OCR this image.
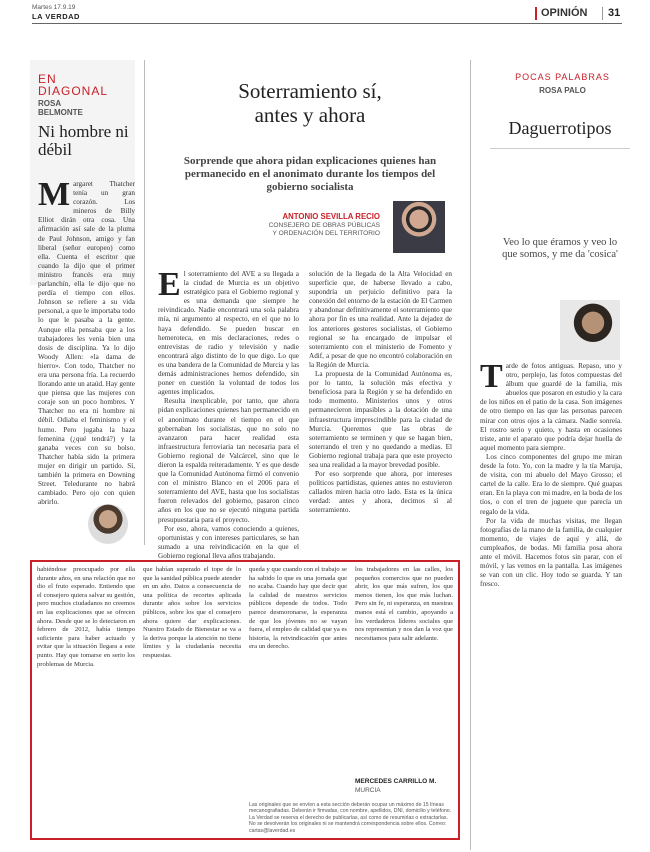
Martes 17.9.19
LA VERDAD	OPINIÓN 31
EN
DIAGONAL
ROSA BELMONTE
Ni hombre ni débil
Margaret Thatcher tenía un gran corazón. Los mineros de Billy Elliot dirán otra cosa. Una afirmación así sale de la pluma de Paul Johnson, amigo y fan liberal (señor europeo) como ella. Cuenta el escritor que cuando la dijo que el primer ministro francés era muy parlanchín, ella le dijo que no perdía el tiempo con ellos. Johnson se refiere a su vida personal, a que le importaba todo lo que le pasaba a la gente. Aunque ella pensaba que a los trabajadores les venía bien una dosis de disciplina. Ya lo dijo Woody Allen: «la dama de hierro». Con todo, Thatcher no era una persona fría. La recuerdo llorando ante un ataúd. Hay gente que piensa que las mujeres con coraje son un poco hombres. Y Thatcher no era ni hombre ni débil. Odiaba el feminismo y el humo. Pero jugaba la baza femenina (¿qué tendrá?) y la ganaba veces con su bolso. Thatcher había sido la primera mujer en dirigir un partido. Sí, también la primera en Downing Street. Teledurante no habrá cambiado. Pero ojo con quien abrirlo.
Soterramiento sí,
antes y ahora
Sorprende que ahora pidan explicaciones quienes han permanecido en el anonimato durante los tiempos del gobierno socialista
ANTONIO SEVILLA RECIO
CONSEJERO DE OBRAS PÚBLICAS
Y ORDENACIÓN DEL TERRITORIO
El soterramiento del AVE a su llegada a la ciudad de Murcia es un objetivo estratégico para el Gobierno regional y es una demanda que siempre he reivindicado. Nadie encontrará una sola palabra mía, ni argumento al respecto, en el que no lo haya defendido. Se pueden buscar en hemeroteca, en mis declaraciones, redes o entrevistas de radio y televisión y nadie encontrará algo distinto de lo que digo. Lo que es una bandera de la Comunidad de Murcia y las demás administraciones hemos defendido, sin poner en cuestión la voluntad de todos los agentes implicados.

Resulta inexplicable, por tanto, que ahora pidan explicaciones quienes han permanecido en el anonimato durante el tiempo en el que gobernaban los socialistas, que no solo no avanzaron para hacer realidad esta infraestructura ferroviaria tan necesaria para el Gobierno regional de Valcárcel, sino que le dieron la espalda reiteradamente. Y es que desde que la Comunidad Autónoma firmó el convenio con el ministro Blanco en el 2006 para el soterramiento del AVE, hasta que los socialistas fueron relevados del gobierno, pasaron cinco años en los que no se ejecutó ninguna partida presupuestaria para el proyecto.

Por eso, ahora, vamos conociendo a quienes, oportunistas y con intereses particulares, se han sumado a una reivindicación en la que el Gobierno regional lleva años trabajando.

solución de la llegada de la Alta Velocidad en superficie que, de haberse llevado a cabo, supondría un perjuicio definitivo para la conexión del entorno de la estación de El Carmen y abandonar definitivamente el soterramiento que ahora por fin es una realidad. Ante la dejadez de los anteriores gestores socialistas, el Gobierno regional se ha encargado de impulsar el soterramiento con el ministerio de Fomento y Adif, a pesar de que no encontró colaboración en la Región de Murcia.

La propuesta de la Comunidad Autónoma es, por lo tanto, la solución más efectiva y beneficiosa para la Región y se ha defendido en todo momento. Ministerios unos y otros permanecieron impasibles a la dotación de una infraestructura imprescindible para la ciudad de Murcia. Queremos que las obras de soterramiento se terminen y que se hagan bien, soterrando el tren y no quedando a medias. El Gobierno regional trabaja para que este proyecto sea una realidad a la mayor brevedad posible.

Por eso sorprende que ahora, por intereses políticos partidistas, quienes antes no estuvieron callados miren hacia otro lado. Esta es la única verdad: antes y ahora, decimos sí al soterramiento.

POCAS PALABRAS
ROSA PALO
Daguerrotipos
Veo lo que éramos y veo lo que somos, y me da 'cosica'
Tarde de fotos antiguas. Repaso, uno y otro, perplejo, las fotos compuestas del álbum que guardé de la familia, mis abuelos que posaron en estudio y la cara de los niños en el patio de la casa. Son imágenes de otro tiempo en las que las personas parecen mirar con otros ojos a la cámara. Nadie sonreía. El rostro serio y quieto, y hasta en ocasiones triste, ante el aparato que podría dejar huella de aquel momento para siempre.

Los cinco componentes del grupo me miran desde la foto. Yo, con la madre y la tía Maruja, de visita, con mi abuelo del Mayo Grosso; el cartel de la calle. Era lo de siempre. Qué guapas eran. En la playa con mi madre, en la boda de los tíos, o con el tren de juguete que parecía un regalo de la vida.

Por la vida de muchas visitas, me llegan fotografías de la mano de la familia, de cualquier momento, de viajes de aquí y allá, de cumpleaños, de bodas. Mi familia posa ahora ante el móvil. Hacemos fotos sin parar, con el móvil, y las vemos en la pantalla. Las imágenes se van con un clic. Hoy todo se guarda. Y tan fresco.

habiéndose preocupado por ella durante años, en una relación que no dio el fruto esperado. Entiendo que el consejero quiera salvar su gestión, pero muchos ciudadanos no creemos en las explicaciones que se ofrecen ahora. Desde que se lo detectaron en febrero de 2012, había tiempo suficiente para haber actuado y evitar que la situación llegara a este punto. Hay que tomarse en serio los problemas de Murcia.
que habían superado el tope de lo que la sanidad pública puede atender en un año. Datos a consecuencia de una política de recortes aplicada durante años sobre los servicios públicos, sobre los que el consejero ahora quiere dar explicaciones. Nuestro Estado de Bienestar se va a la deriva porque la atención no tiene límites y la ciudadanía necesita respuestas.
queda y que cuando con el trabajo se ha sabido lo que es una jornada que no acaba. Cuando hay que decir que la calidad de nuestros servicios públicos depende de todos. Todo parece desmoronarse, la esperanza de que los jóvenes no se vayan fuera, el empleo de calidad que ya es historia, la reivindicación que antes era un derecho.
los trabajadores en las calles, los pequeños comercios que no pueden abrir, los que más sufren, los que menos tienen, los que más luchan. Pero sin fe, ni esperanza, en nuestras manos está el cambio, apoyando a los verdaderos líderes sociales que nos representan y nos dan la voz que necesitamos para salir adelante.
MERCEDES CARRILLO M.
MURCIA
Las originales que se envíen a esta sección deberán ocupar un máximo de 15 líneas mecanografiadas. Deberán ir firmadas, con nombre, apellidos, DNI, domicilio y teléfono. La Verdad se reserva el derecho de publicarlas, así como de resumirlas o extractarlas. No se devolverán los originales ni se mantendrá correspondencia sobre ellos. Correo: cartas@laverdad.es
